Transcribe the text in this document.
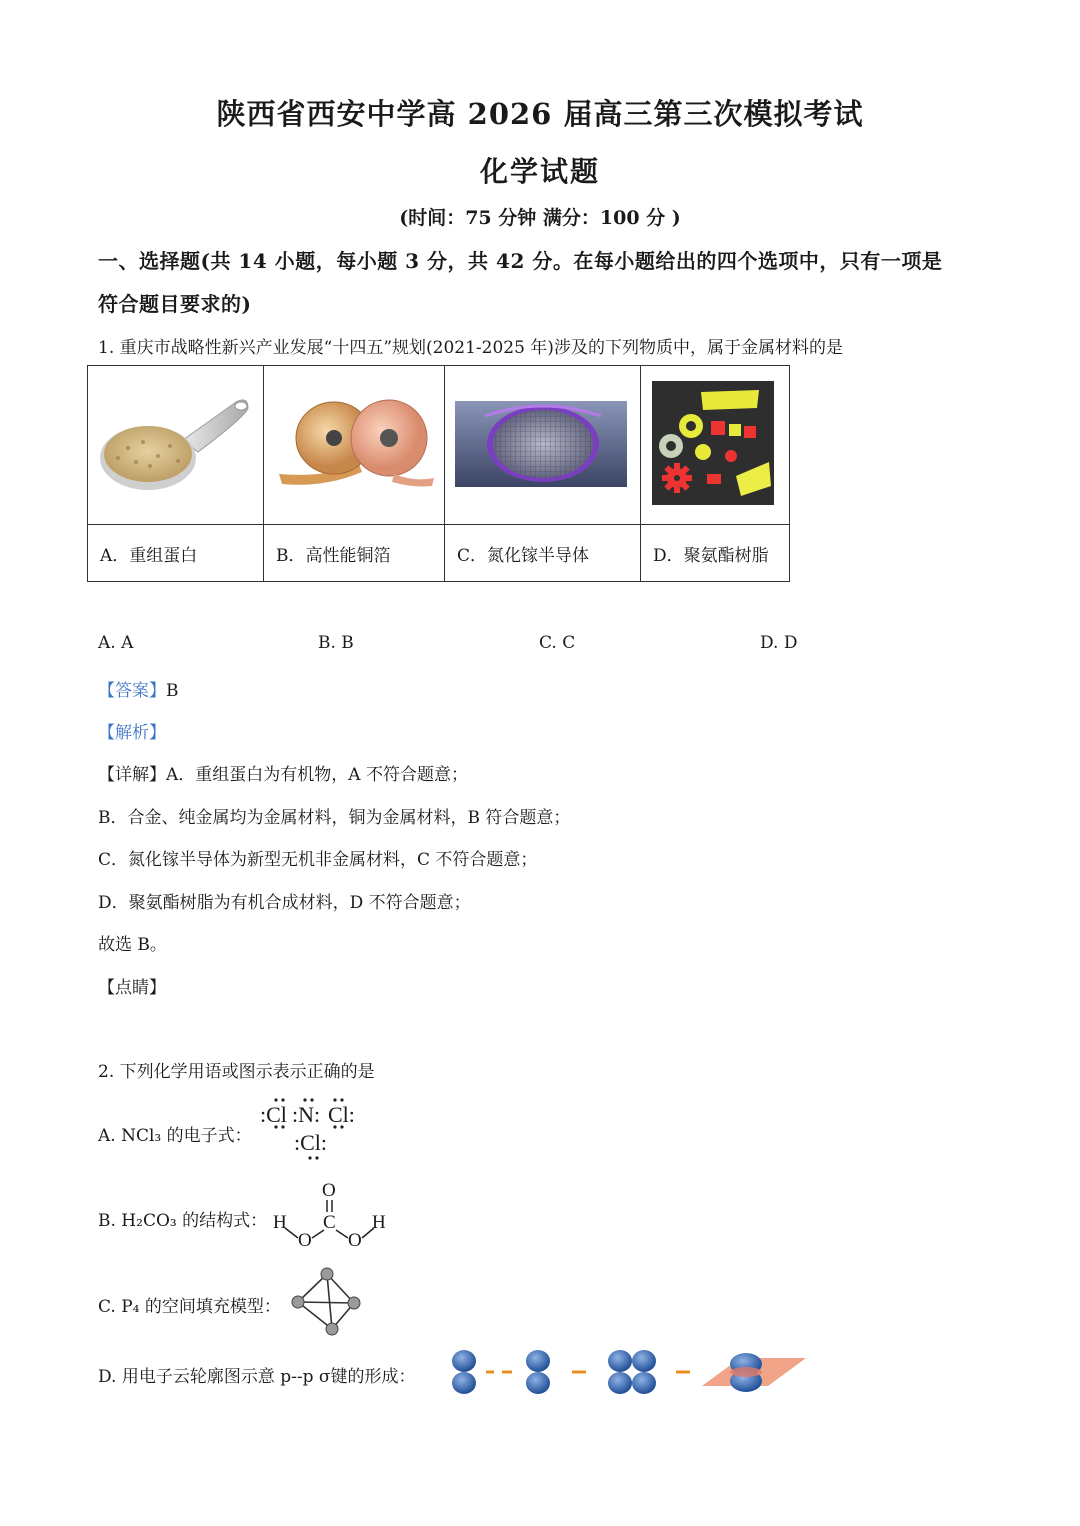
陕西省西安中学高 2026 届高三第三次模拟考试
化学试题
(时间：75 分钟 满分：100 分 )
一、选择题(共 14 小题，每小题 3 分，共 42 分。在每小题给出的四个选项中，只有一项是
符合题目要求的)
1. 重庆市战略性新兴产业发展“十四五”规划(2021-2025 年)涉及的下列物质中，属于金属材料的是

A．重组蛋白	B．高性能铜箔	C．氮化镓半导体	D．聚氨酯树脂
A. A	B. B	C. C	D. D
【答案】B
【解析】
【详解】A．重组蛋白为有机物，A 不符合题意；
B．合金、纯金属均为金属材料，铜为金属材料，B 符合题意；
C．氮化镓半导体为新型无机非金属材料，C 不符合题意；
D．聚氨酯树脂为有机合成材料，D 不符合题意；
故选 B。
【点睛】
2. 下列化学用语或图示表示正确的是
A. NCl₃ 的电子式：
:Cl :N: Cl:
:Cl:
B. H₂CO₃ 的结构式：
O
H C H
O O
C. P₄ 的空间填充模型：
D. 用电子云轮廓图示意 p--p σ键的形成：
